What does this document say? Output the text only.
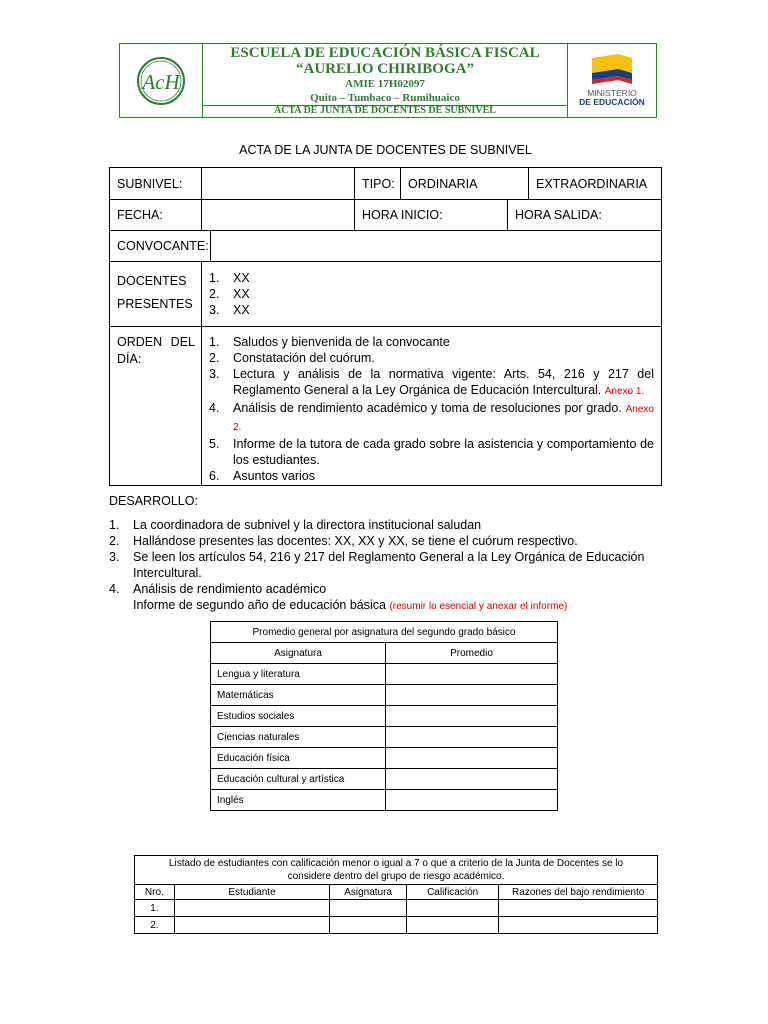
AcH
ESCUELA DE EDUCACIÓN BÁSICA FISCAL
“AURELIO CHIRIBOGA”
AMIE 17H02097
Quito – Tumbaco – Rumihuaico
ACTA DE JUNTA DE DOCENTES DE SUBNIVEL
MINISTERIO
DE EDUCACIÓN
ACTA DE LA JUNTA DE DOCENTES DE SUBNIVEL
SUBNIVEL:	TIPO:	ORDINARIA	EXTRAORDINARIA
FECHA:	HORA INICIO:	HORA SALIDA:
CONVOCANTE:
DOCENTES
PRESENTES
1. XX
2. XX
3. XX
ORDEN DEL
DÍA:
1. Saludos y bienvenida de la convocante
2. Constatación del cuórum.
3. Lectura y análisis de la normativa vigente: Arts. 54, 216 y 217 del Reglamento General a la Ley Orgánica de Educación Intercultural. Anexo 1.
4. Análisis de rendimiento académico y toma de resoluciones por grado. Anexo 2.
5. Informe de la tutora de cada grado sobre la asistencia y comportamiento de los estudiantes.
6. Asuntos varios
DESARROLLO:
1. La coordinadora de subnivel y la directora institucional saludan
2. Hallándose presentes las docentes: XX, XX y XX, se tiene el cuórum respectivo.
3. Se leen los artículos 54, 216 y 217 del Reglamento General a la Ley Orgánica de Educación Intercultural.
4. Análisis de rendimiento académico
Informe de segundo año de educación básica (resumir lo esencial y anexar el informe)
Promedio general por asignatura del segundo grado básico	
Asignatura	Promedio
Lengua y literatura	
Matemáticas	
Estudios sociales	
Ciencias naturales	
Educación física	
Educación cultural y artística	
Inglés	
Listado de estudiantes con calificación menor o igual a 7 o que a criterio de la Junta de Docentes se lo considere dentro del grupo de riesgo académico.				
Nro.	Estudiante	Asignatura	Calificación	Razones del bajo rendimiento
1.				
2.				
